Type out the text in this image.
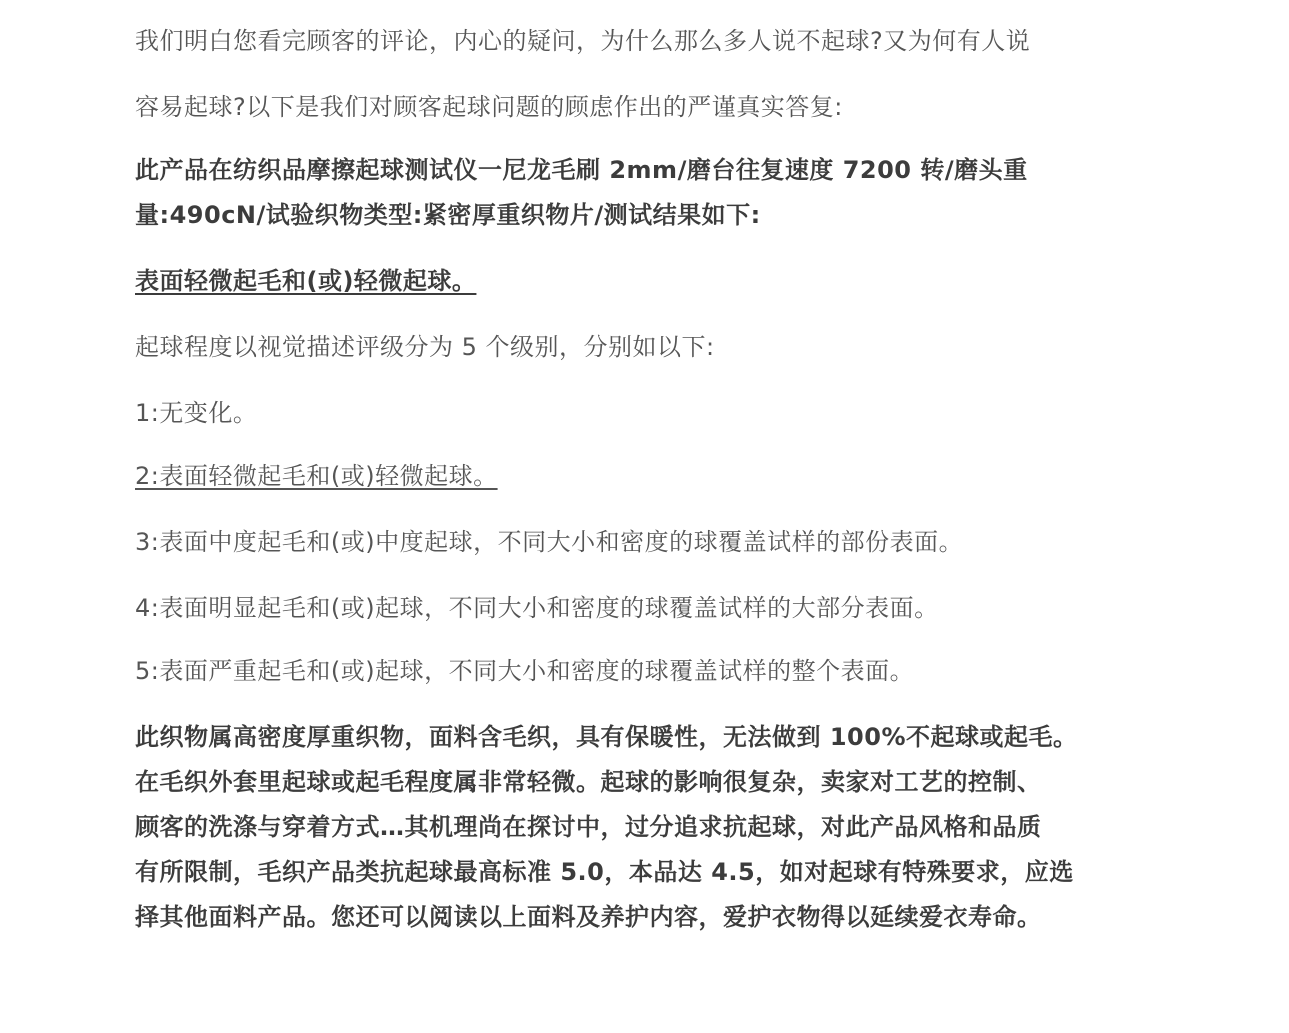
我们明白您看完顾客的评论，内心的疑问，为什么那么多人说不起球?又为何有人说
容易起球?以下是我们对顾客起球问题的顾虑作出的严谨真实答复:
此产品在纺织品摩擦起球测试仪一尼龙毛刷 2mm/磨台往复速度 7200 转/磨头重
量:490cN/试验织物类型:紧密厚重织物片/测试结果如下:
表面轻微起毛和(或)轻微起球。
起球程度以视觉描述评级分为 5 个级别，分别如以下:
1:无变化。
2:表面轻微起毛和(或)轻微起球。
3:表面中度起毛和(或)中度起球，不同大小和密度的球覆盖试样的部份表面。
4:表面明显起毛和(或)起球，不同大小和密度的球覆盖试样的大部分表面。
5:表面严重起毛和(或)起球，不同大小和密度的球覆盖试样的整个表面。
此织物属高密度厚重织物，面料含毛织，具有保暖性，无法做到 100%不起球或起毛。
在毛织外套里起球或起毛程度属非常轻微。起球的影响很复杂，卖家对工艺的控制、
顾客的洗涤与穿着方式…其机理尚在探讨中，过分追求抗起球，对此产品风格和品质
有所限制，毛织产品类抗起球最高标准 5.0，本品达 4.5，如对起球有特殊要求，应选
择其他面料产品。您还可以阅读以上面料及养护内容，爱护衣物得以延续爱衣寿命。
